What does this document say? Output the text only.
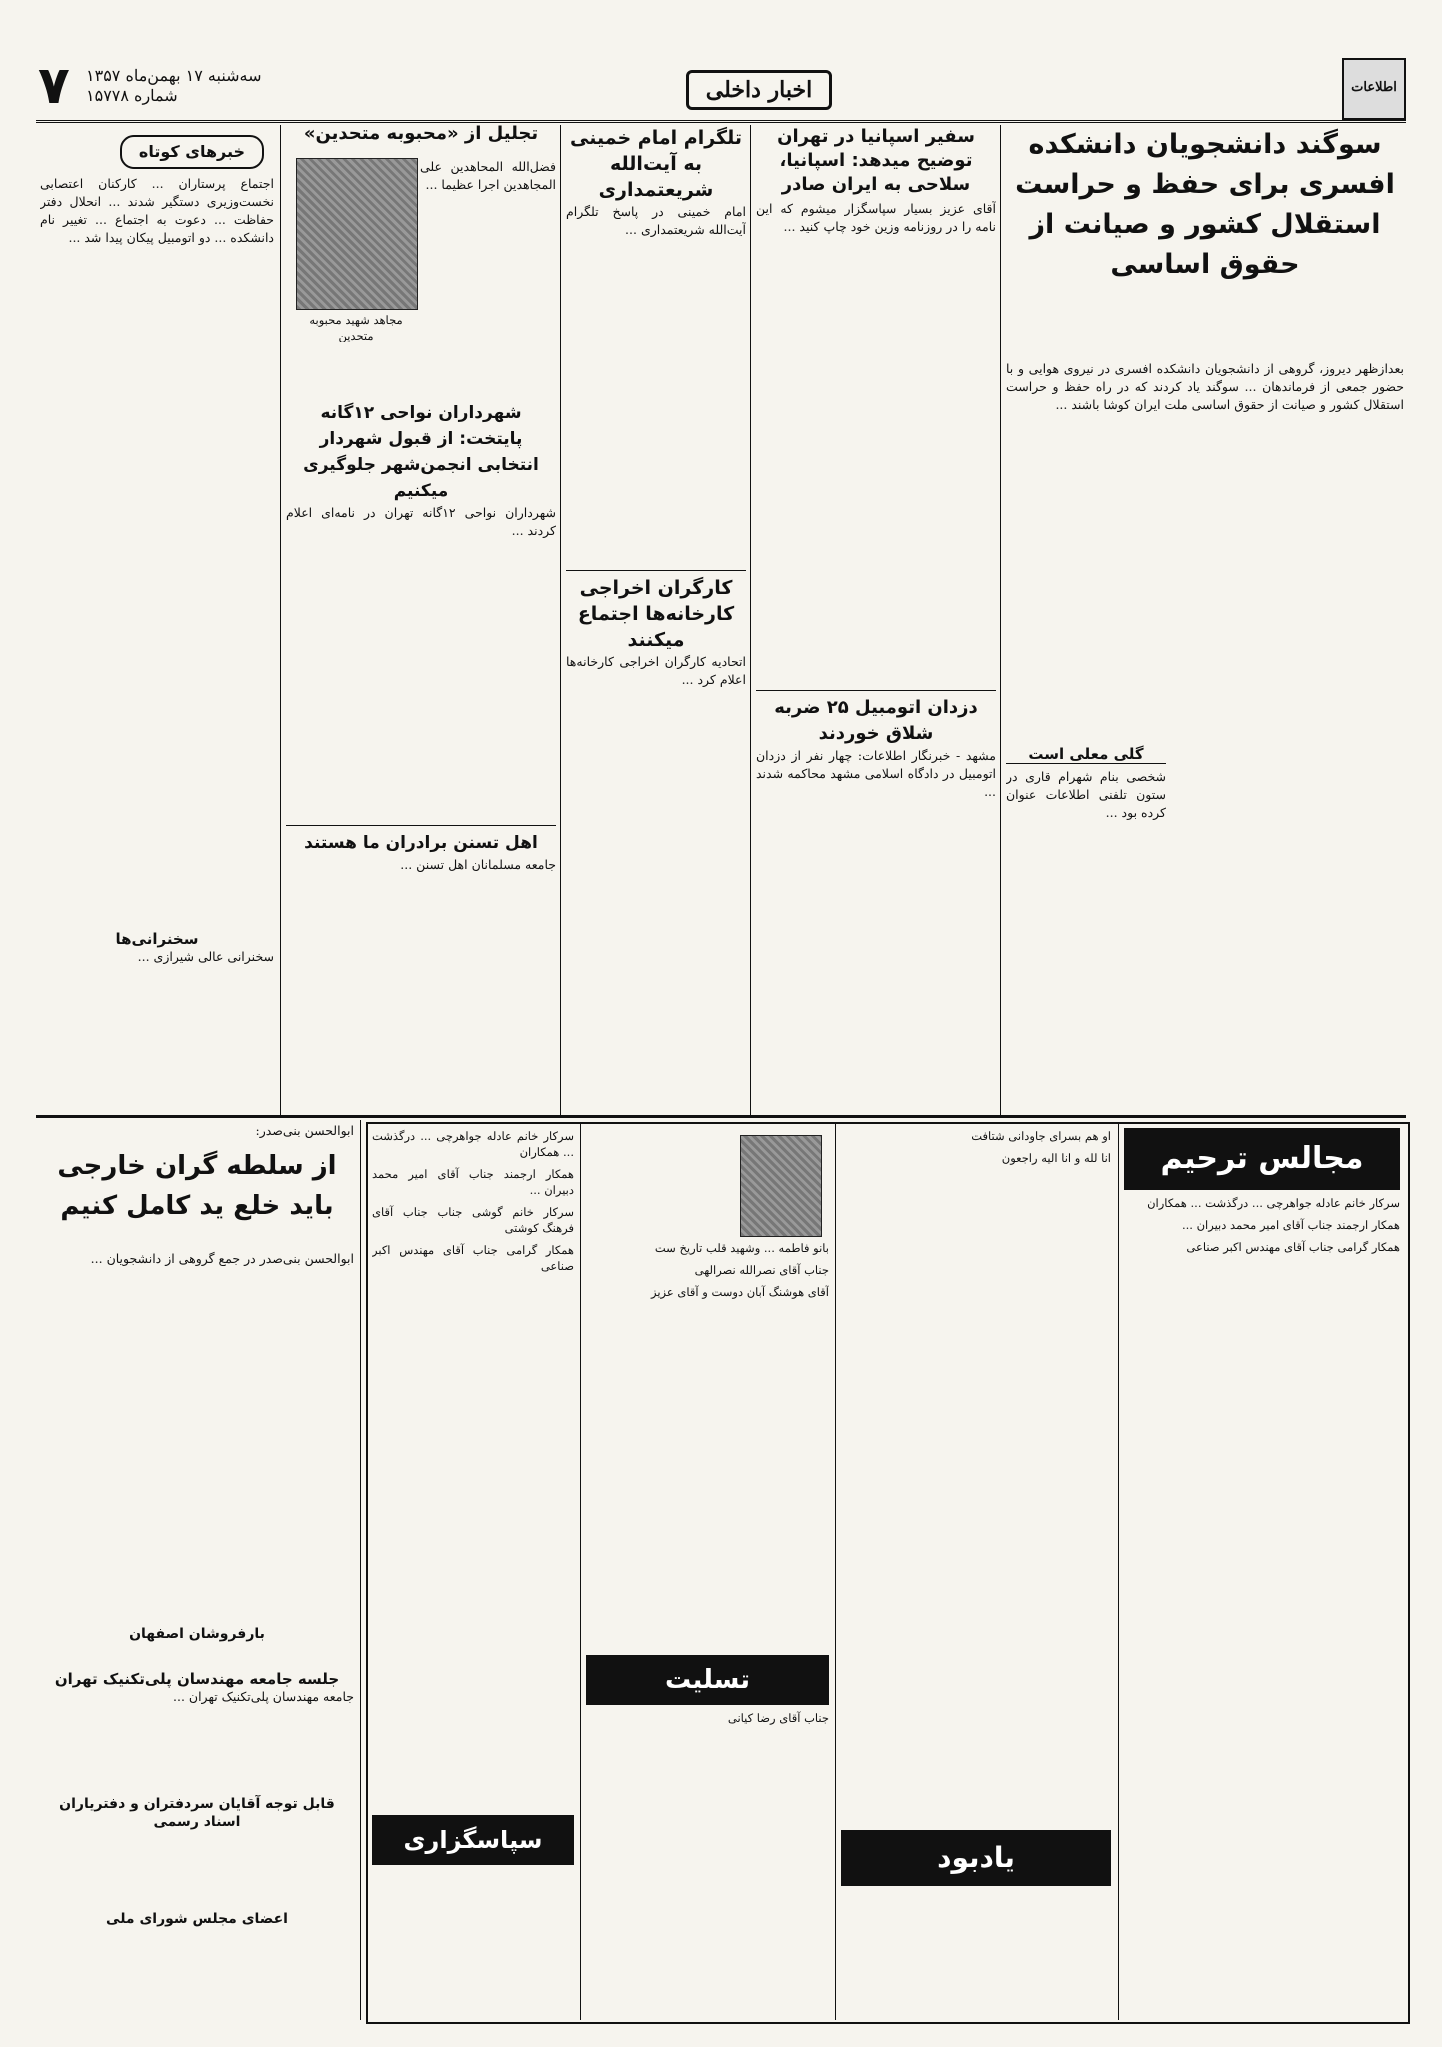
۷ سه‌شنبه ۱۷ بهمن‌ماه ۱۳۵۷
شماره ۱۵۷۷۸	اخبار داخلی	اطلاعات
سوگند دانشجویان دانشکده افسری برای حفظ و حراست استقلال کشور و صیانت از حقوق اساسی
بعدازظهر دیروز، گروهی از دانشجویان دانشکده افسری در نیروی هوایی و با حضور جمعی از فرماندهان ... سوگند یاد کردند که در راه حفظ و حراست استقلال کشور و صیانت از حقوق اساسی ملت ایران کوشا باشند ...
گلی معلی است
شخصی بنام شهرام قاری در ستون تلفنی اطلاعات عنوان کرده بود ...
سفیر اسپانیا در تهران توضیح میدهد: اسپانیا، سلاحی به ایران صادر
آقای عزیز بسیار سپاسگزار میشوم که این نامه را در روزنامه وزین خود چاپ کنید ...
دزدان اتومبیل ۲۵ ضربه شلاق خوردند
مشهد - خبرنگار اطلاعات: چهار نفر از دزدان اتومبیل در دادگاه اسلامی مشهد محاکمه شدند ...
تلگرام امام خمینی به آیت‌الله شریعتمداری
امام خمینی در پاسخ تلگرام آیت‌الله شریعتمداری ...
کارگران اخراجی کارخانه‌ها اجتماع میکنند
اتحادیه کارگران اخراجی کارخانه‌ها اعلام کرد ...
تجلیل از «محبوبه متحدین»
مجاهد شهید محبوبه متحدین
فضل‌الله المحاهدین علی المجاهدین اجرا عظیما ...
شهرداران نواحی ۱۲گانه پایتخت: از قبول شهردار انتخابی انجمن‌شهر جلوگیری میکنیم
شهرداران نواحی ۱۲گانه تهران در نامه‌ای اعلام کردند ...
اهل تسنن برادران ما هستند
جامعه مسلمانان اهل تسنن ...
خبرهای کوتاه
اجتماع پرستاران ... کارکنان اعتصابی نخست‌وزیری دستگیر شدند ... انحلال دفتر حفاظت ... دعوت به اجتماع ... تغییر نام دانشکده ... دو اتومبیل پیکان پیدا شد ...
سخنرانی‌ها
سخنرانی عالی شیرازی ...
ابوالحسن بنی‌صدر:
از سلطه گران خارجی باید خلع ید کامل کنیم
ابوالحسن بنی‌صدر در جمع گروهی از دانشجویان ...
بارفروشان اصفهان
جلسه جامعه مهندسان پلی‌تکنیک تهران
جامعه مهندسان پلی‌تکنیک تهران ...
قابل توجه آقایان سردفتران و دفتریاران اسناد رسمی
اعضای مجلس شورای ملی
مجالس ترحیم
یادبود
تسلیت
سپاسگزاری

سرکار خانم عادله جواهرچی ... درگذشت ... همکاران

همکار ارجمند جناب آقای امیر محمد دبیران ...

سرکار خانم گوشی جناب جناب آقای فرهنگ کوشتی

همکار گرامی جناب آقای مهندس اکبر صناعی

بانو فاطمه ... وشهید قلب تاریخ ست

جناب آقای نصرالله نصرالهی

آقای هوشنگ آبان دوست و آقای عزیز

جناب آقای رضا کیانی

او هم بسرای جاودانی شتافت

انا لله و انا الیه راجعون

سرکار خانم عادله جواهرچی ... درگذشت ... همکاران

همکار ارجمند جناب آقای امیر محمد دبیران ...

همکار گرامی جناب آقای مهندس اکبر صناعی
